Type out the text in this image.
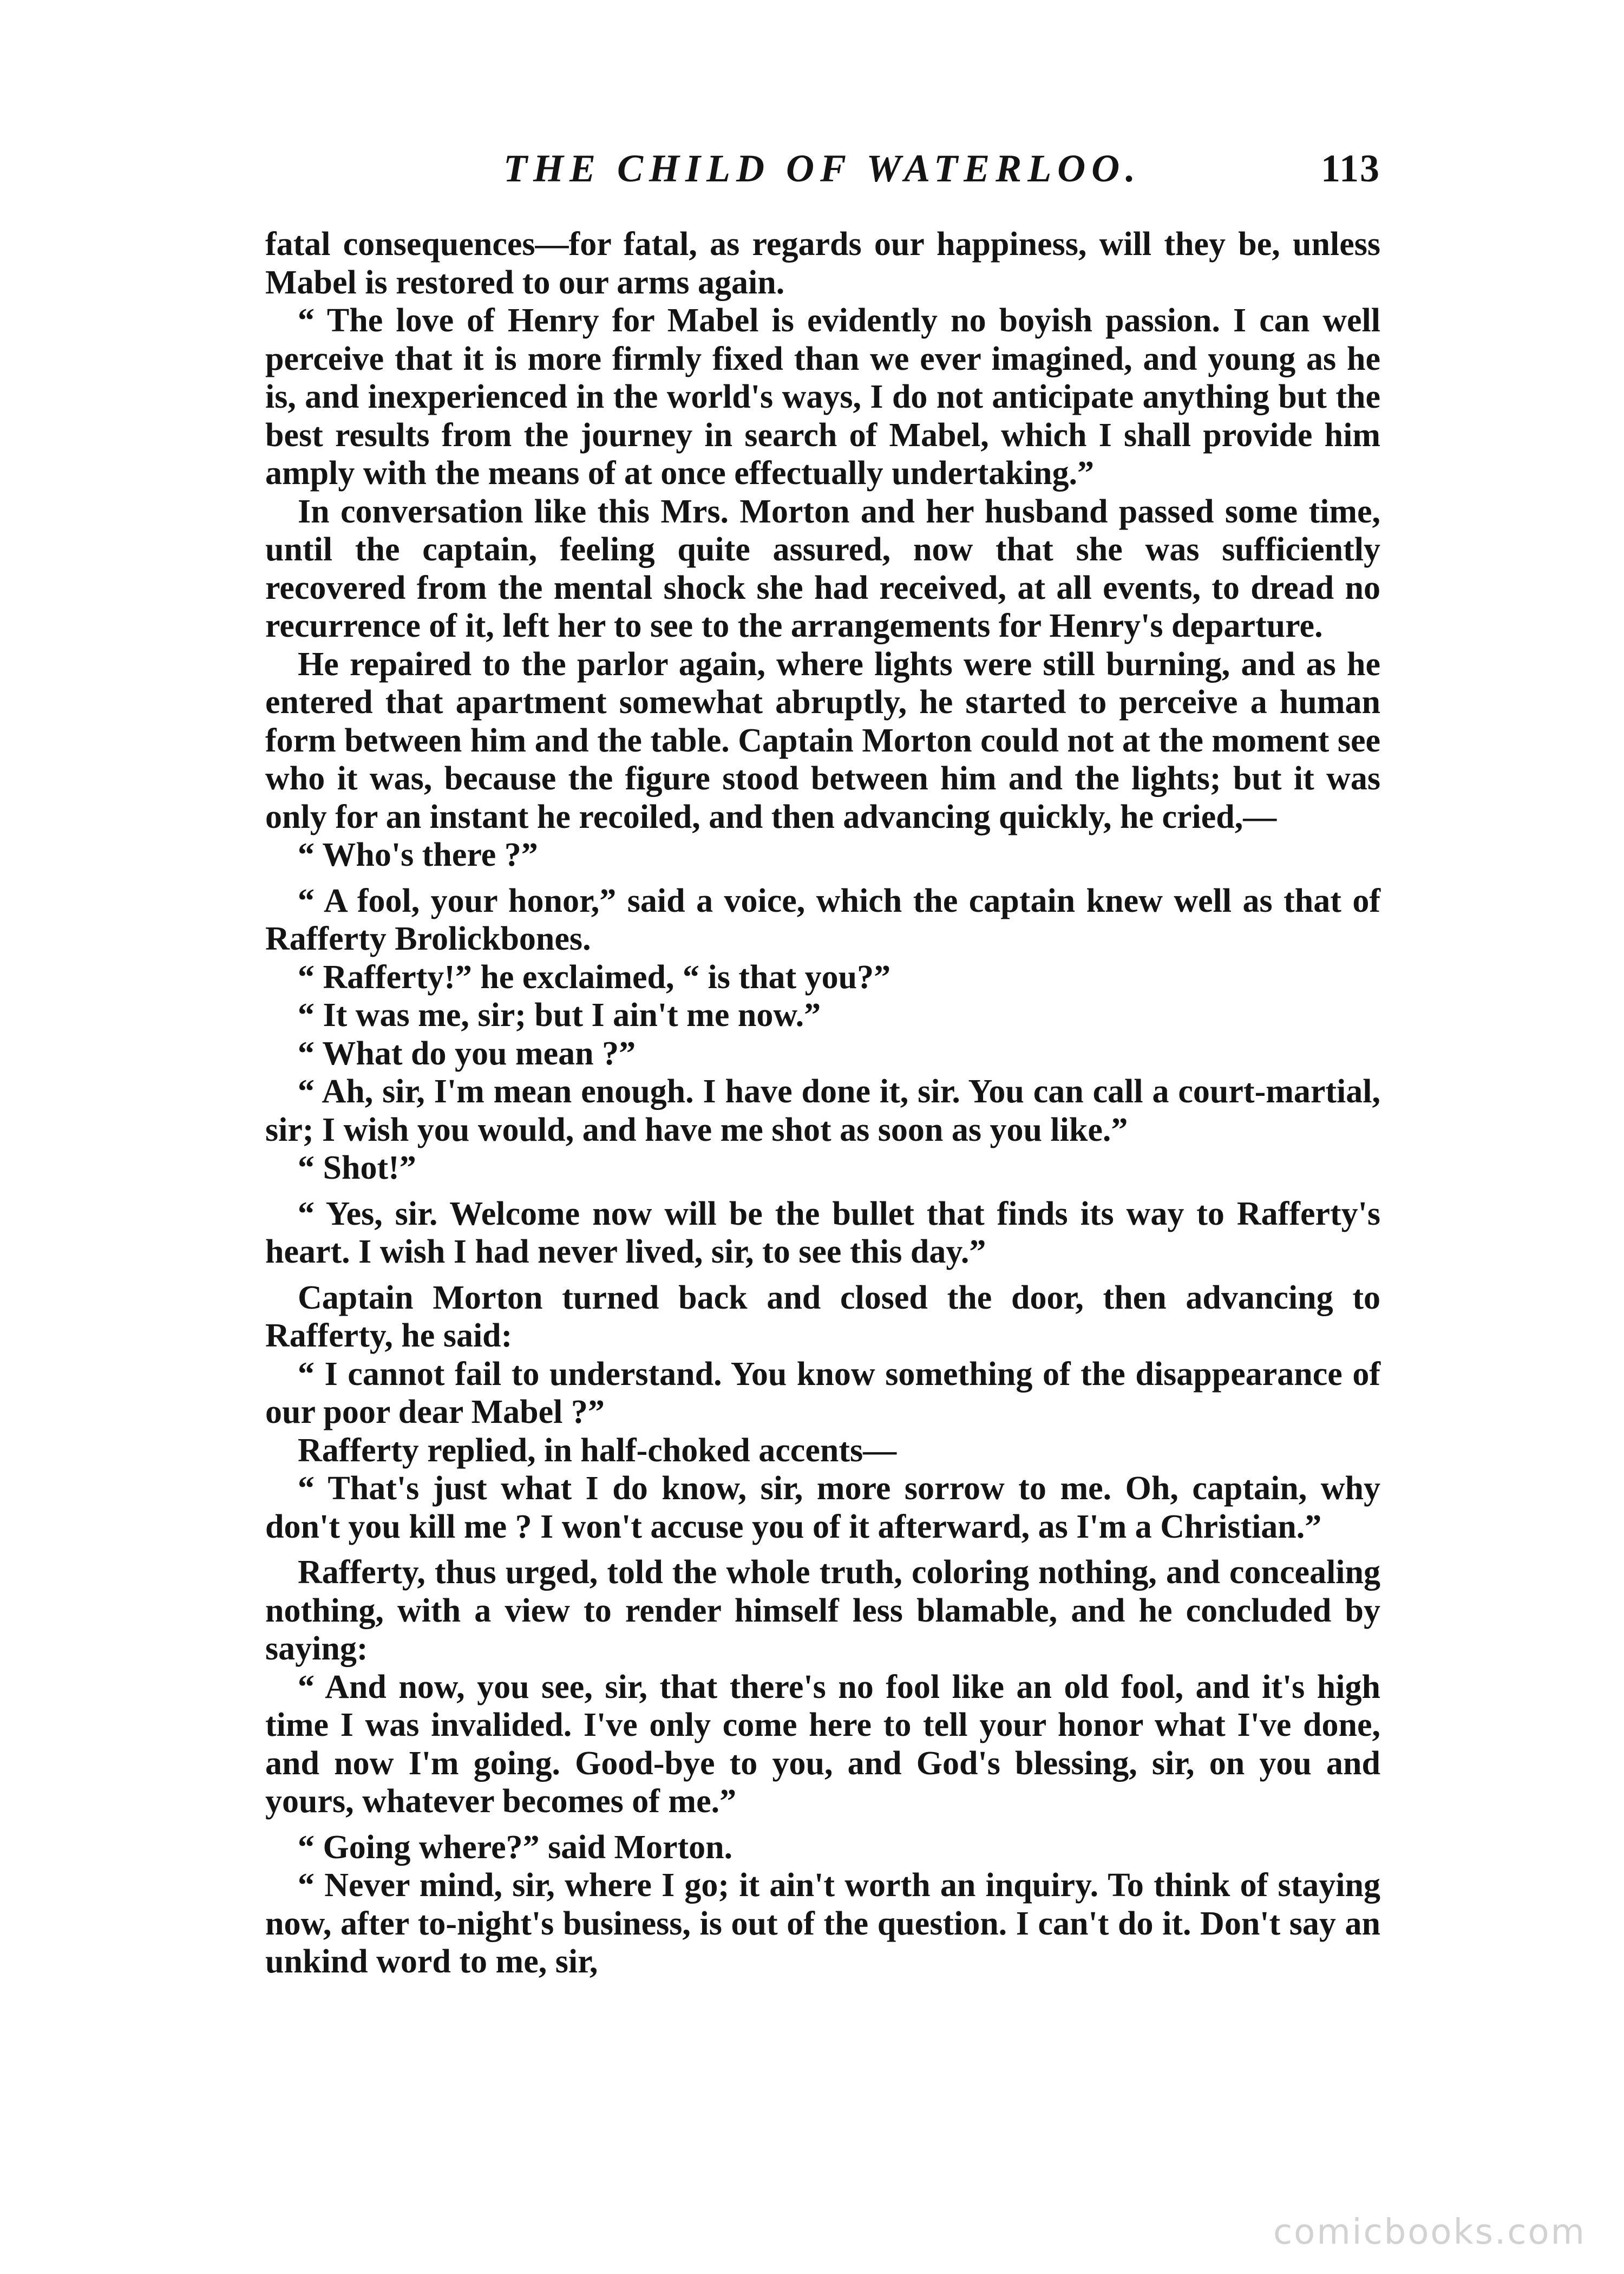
THE CHILD OF WATERLOO.	113

fatal consequences—for fatal, as regards our happiness, will they be, unless Mabel is restored to our arms again.

“ The love of Henry for Mabel is evidently no boyish passion. I can well perceive that it is more firmly fixed than we ever imagined, and young as he is, and inexperienced in the world's ways, I do not anticipate anything but the best results from the journey in search of Mabel, which I shall provide him amply with the means of at once effectually undertaking.”

In conversation like this Mrs. Morton and her husband passed some time, until the captain, feeling quite assured, now that she was sufficiently recovered from the mental shock she had received, at all events, to dread no recurrence of it, left her to see to the arrangements for Henry's departure.

He repaired to the parlor again, where lights were still burning, and as he entered that apartment somewhat abruptly, he started to perceive a human form between him and the table. Captain Morton could not at the moment see who it was, because the figure stood between him and the lights; but it was only for an instant he recoiled, and then advancing quickly, he cried,—

“ Who's there ?”

“ A fool, your honor,” said a voice, which the captain knew well as that of Rafferty Brolickbones.

“ Rafferty!” he exclaimed, “ is that you?”

“ It was me, sir; but I ain't me now.”

“ What do you mean ?”

“ Ah, sir, I'm mean enough. I have done it, sir. You can call a court-martial, sir; I wish you would, and have me shot as soon as you like.”

“ Shot!”

“ Yes, sir. Welcome now will be the bullet that finds its way to Rafferty's heart. I wish I had never lived, sir, to see this day.”

Captain Morton turned back and closed the door, then advancing to Rafferty, he said:

“ I cannot fail to understand. You know something of the disappearance of our poor dear Mabel ?”

Rafferty replied, in half-choked accents—

“ That's just what I do know, sir, more sorrow to me. Oh, captain, why don't you kill me ? I won't accuse you of it afterward, as I'm a Christian.”

Rafferty, thus urged, told the whole truth, coloring nothing, and concealing nothing, with a view to render himself less blamable, and he concluded by saying:

“ And now, you see, sir, that there's no fool like an old fool, and it's high time I was invalided. I've only come here to tell your honor what I've done, and now I'm going. Good-bye to you, and God's blessing, sir, on you and yours, whatever becomes of me.”

“ Going where?” said Morton.

“ Never mind, sir, where I go; it ain't worth an inquiry. To think of staying now, after to-night's business, is out of the question. I can't do it. Don't say an unkind word to me, sir,

comicbooks.com
